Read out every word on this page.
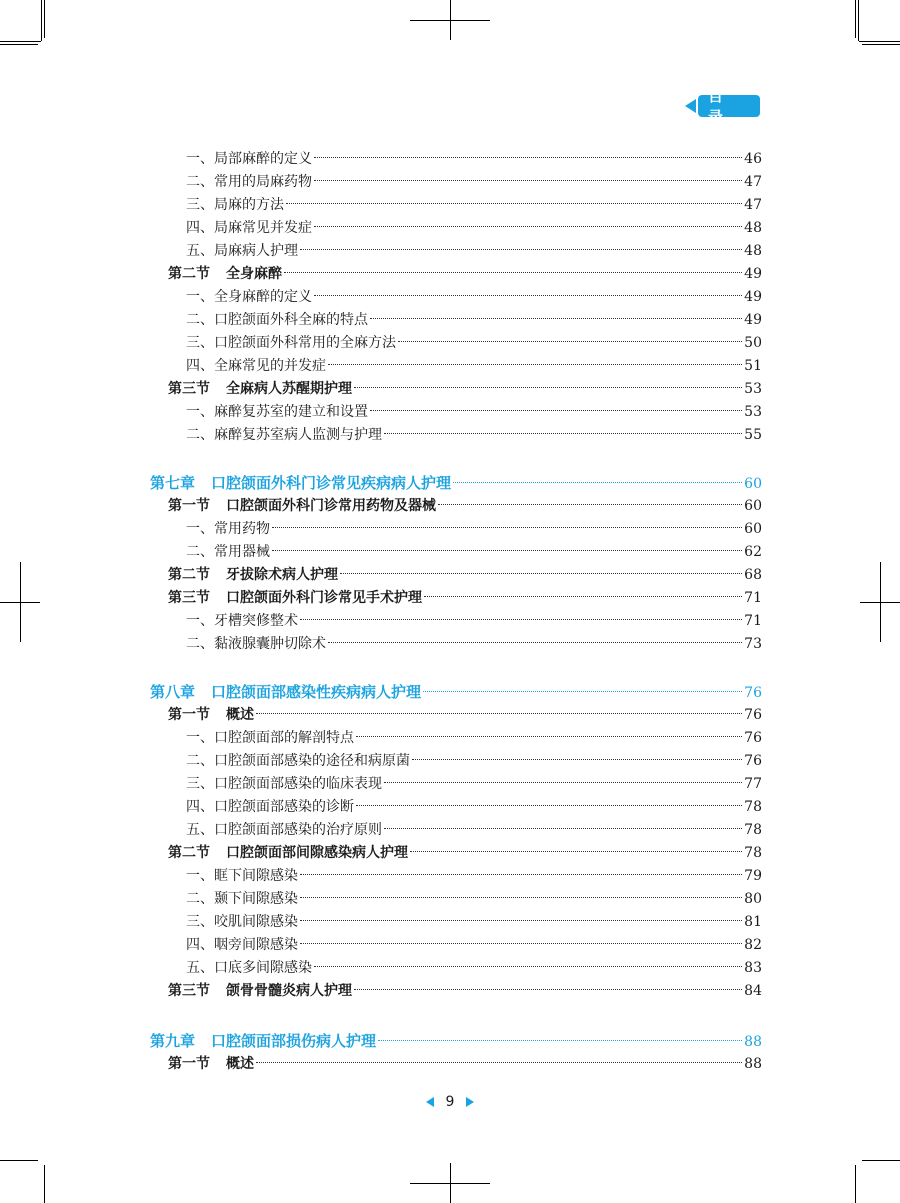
目 录
一、局部麻醉的定义	46
二、常用的局麻药物	47
三、局麻的方法	47
四、局麻常见并发症	48
五、局麻病人护理	48
第二节 全身麻醉	49
一、全身麻醉的定义	49
二、口腔颌面外科全麻的特点	49
三、口腔颌面外科常用的全麻方法	50
四、全麻常见的并发症	51
第三节 全麻病人苏醒期护理	53
一、麻醉复苏室的建立和设置	53
二、麻醉复苏室病人监测与护理	55
第七章 口腔颌面外科门诊常见疾病病人护理	60
第一节 口腔颌面外科门诊常用药物及器械	60
一、常用药物	60
二、常用器械	62
第二节 牙拔除术病人护理	68
第三节 口腔颌面外科门诊常见手术护理	71
一、牙槽突修整术	71
二、黏液腺囊肿切除术	73
第八章 口腔颌面部感染性疾病病人护理	76
第一节 概述	76
一、口腔颌面部的解剖特点	76
二、口腔颌面部感染的途径和病原菌	76
三、口腔颌面部感染的临床表现	77
四、口腔颌面部感染的诊断	78
五、口腔颌面部感染的治疗原则	78
第二节 口腔颌面部间隙感染病人护理	78
一、眶下间隙感染	79
二、颞下间隙感染	80
三、咬肌间隙感染	81
四、咽旁间隙感染	82
五、口底多间隙感染	83
第三节 颌骨骨髓炎病人护理	84
第九章 口腔颌面部损伤病人护理	88
第一节 概述	88
9
